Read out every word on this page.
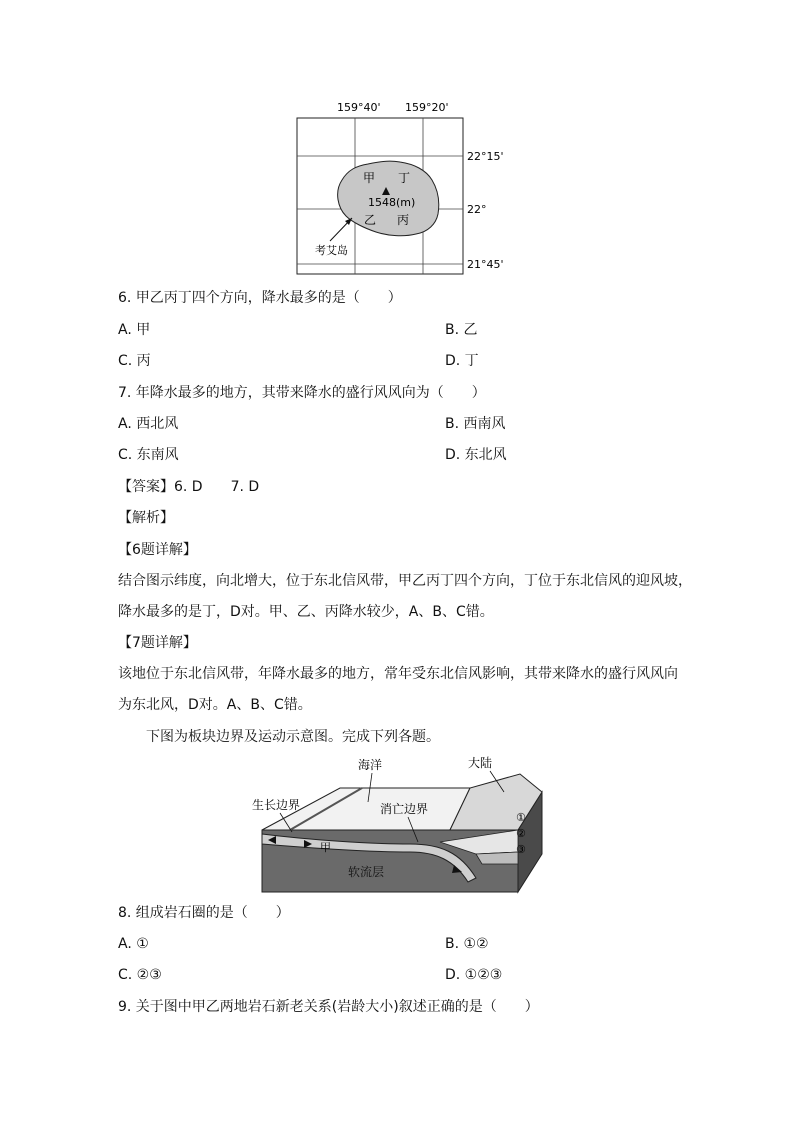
159°40' 159°20'
甲 丁
1548(m)
乙 丙
考艾岛
22°15'
22°
21°45'
6. 甲乙丙丁四个方向，降水最多的是（　　）
A. 甲	B. 乙
C. 丙	D. 丁
7. 年降水最多的地方，其带来降水的盛行风风向为（　　）
A. 西北风	B. 西南风
C. 东南风	D. 东北风
【答案】6. D　　7. D
【解析】
【6题详解】
结合图示纬度，向北增大，位于东北信风带，甲乙丙丁四个方向，丁位于东北信风的迎风坡，
降水最多的是丁，D对。甲、乙、丙降水较少，A、B、C错。
【7题详解】
该地位于东北信风带，年降水最多的地方，常年受东北信风影响，其带来降水的盛行风风向
为东北风，D对。A、B、C错。
下图为板块边界及运动示意图。完成下列各题。
海洋	大陆
生长边界	消亡边界
甲
软流层
①
②
③
8. 组成岩石圈的是（　　）
A. ①	B. ①②
C. ②③	D. ①②③
9. 关于图中甲乙两地岩石新老关系(岩龄大小)叙述正确的是（　　）
